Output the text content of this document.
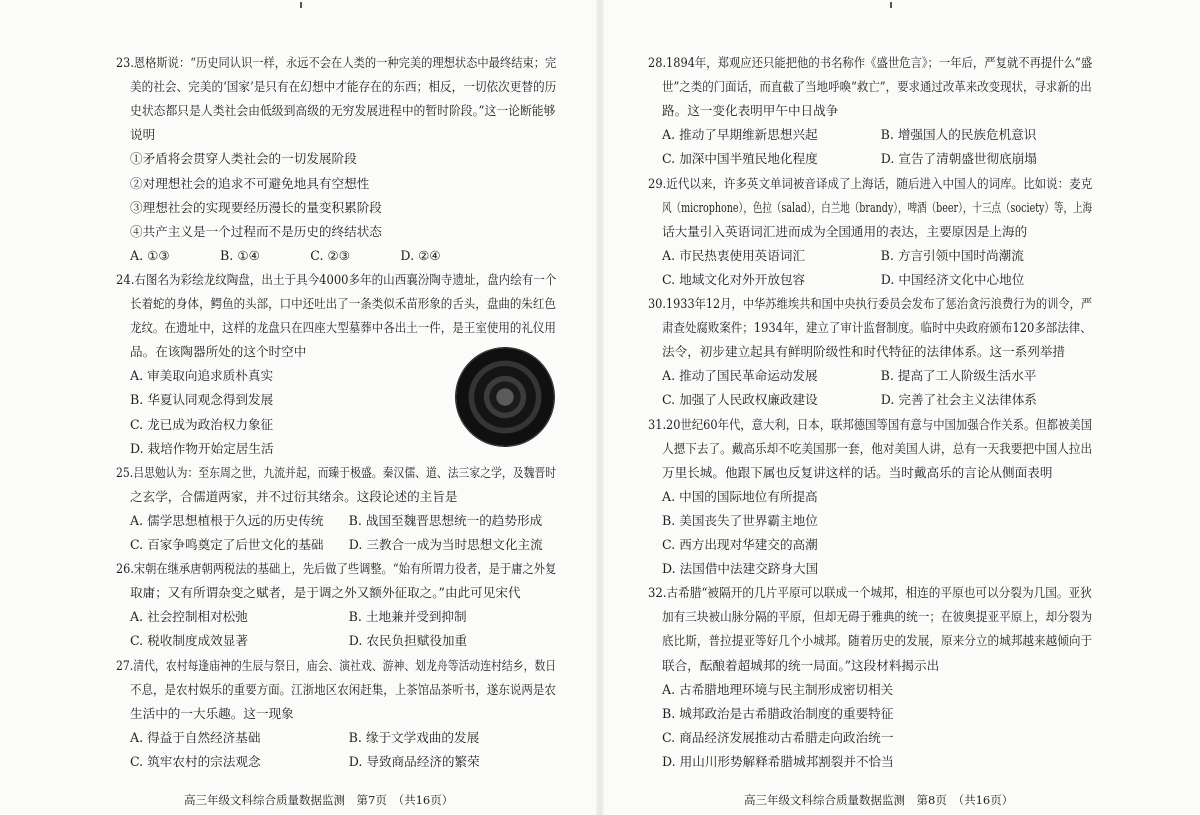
23.恩格斯说：“历史同认识一样，永远不会在人类的一种完美的理想状态中最终结束；完
美的社会、完美的‘国家’是只有在幻想中才能存在的东西；相反，一切依次更替的历
史状态都只是人类社会由低级到高级的无穷发展进程中的暂时阶段。”这一论断能够
说明
①矛盾将会贯穿人类社会的一切发展阶段
②对理想社会的追求不可避免地具有空想性
③理想社会的实现要经历漫长的量变积累阶段
④共产主义是一个过程而不是历史的终结状态
A. ①③　　　　B. ①④　　　　C. ②③　　　　D. ②④
24.右图名为彩绘龙纹陶盘，出土于具今4000多年的山西襄汾陶寺遗址，盘内绘有一个
长着蛇的身体，鳄鱼的头部，口中还吐出了一条类似禾苗形象的舌头，盘曲的朱红色
龙纹。在遗址中，这样的龙盘只在四座大型墓葬中各出土一件，是王室使用的礼仪用
品。在该陶器所处的这个时空中
A. 审美取向追求质朴真实
B. 华夏认同观念得到发展
C. 龙已成为政治权力象征
D. 栽培作物开始定居生活
25.吕思勉认为：至东周之世，九流并起，而臻于极盛。秦汉儒、道、法三家之学，及魏晋时
之玄学，合儒道两家，并不过衍其绪余。这段论述的主旨是
A. 儒学思想植根于久远的历史传统　　B. 战国至魏晋思想统一的趋势形成
C. 百家争鸣奠定了后世文化的基础　　D. 三教合一成为当时思想文化主流
26.宋朝在继承唐朝两税法的基础上，先后做了些调整。“始有所谓力役者，是于庸之外复
取庸；又有所谓杂变之赋者，是于调之外又额外征取之。”由此可见宋代
A. 社会控制相对松弛　　　　　　　　B. 土地兼并受到抑制
C. 税收制度成效显著　　　　　　　　D. 农民负担赋役加重
27.清代，农村每逢庙神的生辰与祭日，庙会、演社戏、游神、划龙舟等活动连村结乡，数日
不息，是农村娱乐的重要方面。江浙地区农闲赶集，上茶馆品茶听书，遂东说两是农
生活中的一大乐趣。这一现象
A. 得益于自然经济基础　　　　　　　B. 缘于文学戏曲的发展
C. 筑牢农村的宗法观念　　　　　　　D. 导致商品经济的繁荣
高三年级文科综合质量数据监测　第7页　（共16页）
28.1894年，郑观应还只能把他的书名称作《盛世危言》；一年后，严复就不再提什么“盛
世”之类的门面话，而直截了当地呼喚“救亡”，要求通过改革来改变现状，寻求新的出
路。这一变化表明甲午中日战争
A. 推动了早期维新思想兴起　　　　　B. 增强国人的民族危机意识
C. 加深中国半殖民地化程度　　　　　D. 宣告了清朝盛世彻底崩塌
29.近代以来，许多英文单词被音译成了上海话，随后进入中国人的词库。比如说：麦克
风（microphone），色拉（salad），白兰地（brandy），啤酒（beer），十三点（society）等，上海
话大量引入英语词汇进而成为全国通用的表达，主要原因是上海的
A. 市民热衷使用英语词汇　　　　　　B. 方言引领中国时尚潮流
C. 地域文化对外开放包容　　　　　　D. 中国经济文化中心地位
30.1933年12月，中华苏维埃共和国中央执行委员会发布了惩治贪污浪费行为的训令，严
肃查处腐败案件；1934年，建立了审计监督制度。临时中央政府颁布120多部法律、
法令，初步建立起具有鲜明阶级性和时代特征的法律体系。这一系列举措
A. 推动了国民革命运动发展　　　　　B. 提高了工人阶级生活水平
C. 加强了人民政权廉政建设　　　　　D. 完善了社会主义法律体系
31.20世纪60年代，意大利，日本，联邦德国等国有意与中国加强合作关系。但都被美国
人摁下去了。戴高乐却不吃美国那一套，他对美国人讲，总有一天我要把中国人拉出
万里长城。他跟下属也反复讲这样的话。当时戴高乐的言论从侧面表明
A. 中国的国际地位有所提高
B. 美国丧失了世界霸主地位
C. 西方出现对华建交的高潮
D. 法国借中法建交跻身大国
32.古希腊“被隔开的几片平原可以联成一个城邦，相连的平原也可以分裂为几国。亚狄
加有三块被山脉分隔的平原，但却无碍于雅典的统一；在彼奥提亚平原上，却分裂为
底比斯，普拉提亚等好几个小城邦。随着历史的发展，原来分立的城邦越来越倾向于
联合，酝酿着超城邦的统一局面。”这段材料揭示出
A. 古希腊地理环境与民主制形成密切相关
B. 城邦政治是古希腊政治制度的重要特征
C. 商品经济发展推动古希腊走向政治统一
D. 用山川形势解释希腊城邦割裂并不恰当
高三年级文科综合质量数据监测　第8页　（共16页）
